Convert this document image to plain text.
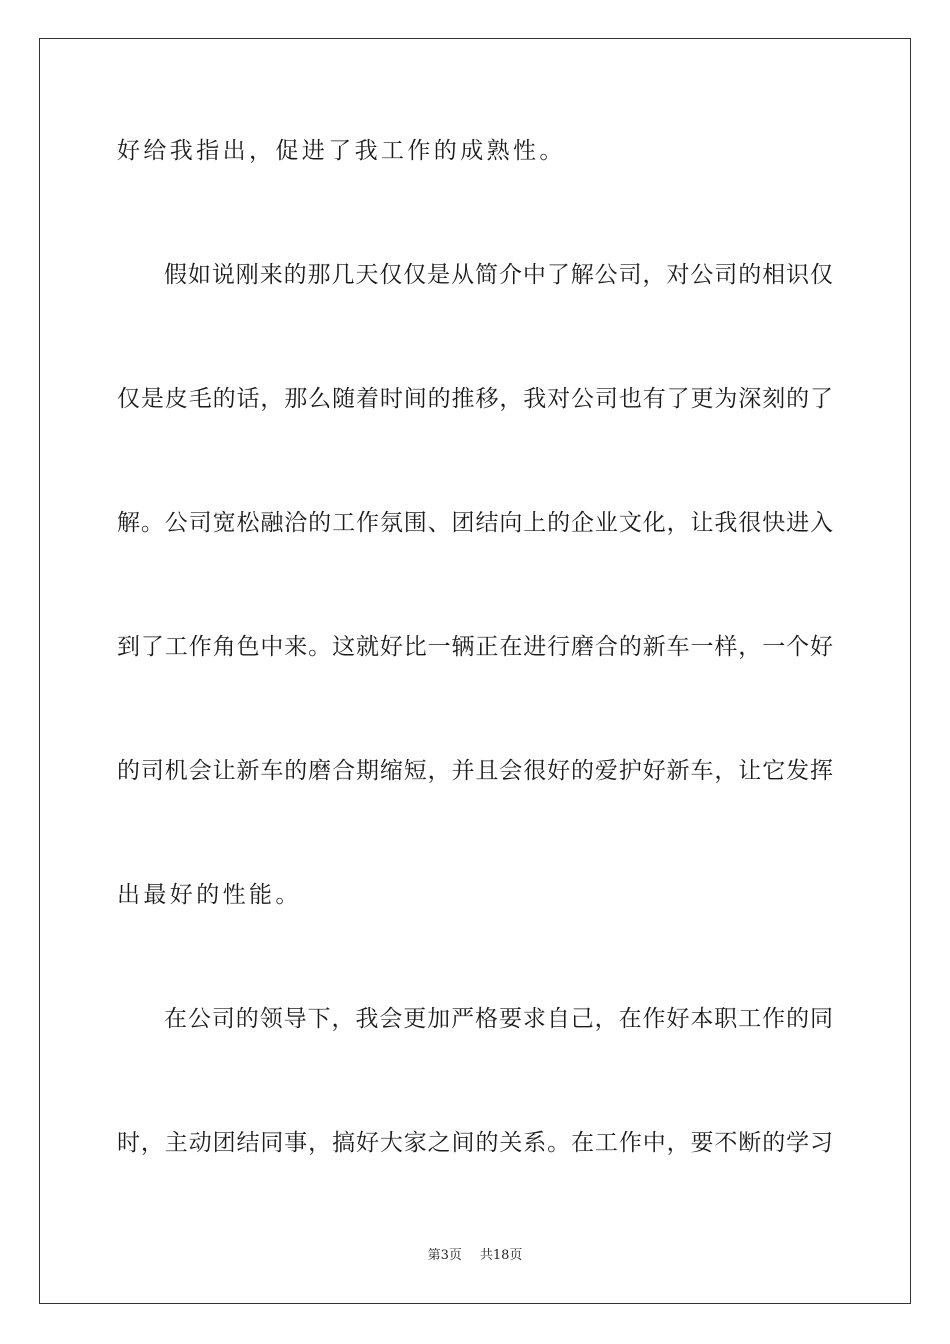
好给我指出，促进了我工作的成熟性。
假如说刚来的那几天仅仅是从简介中了解公司，对公司的相识仅
仅是皮毛的话，那么随着时间的推移，我对公司也有了更为深刻的了
解。公司宽松融洽的工作氛围、团结向上的企业文化，让我很快进入
到了工作角色中来。这就好比一辆正在进行磨合的新车一样，一个好
的司机会让新车的磨合期缩短，并且会很好的爱护好新车，让它发挥
出最好的性能。
在公司的领导下，我会更加严格要求自己，在作好本职工作的同
时，主动团结同事，搞好大家之间的关系。在工作中，要不断的学习
第3页 共18页
